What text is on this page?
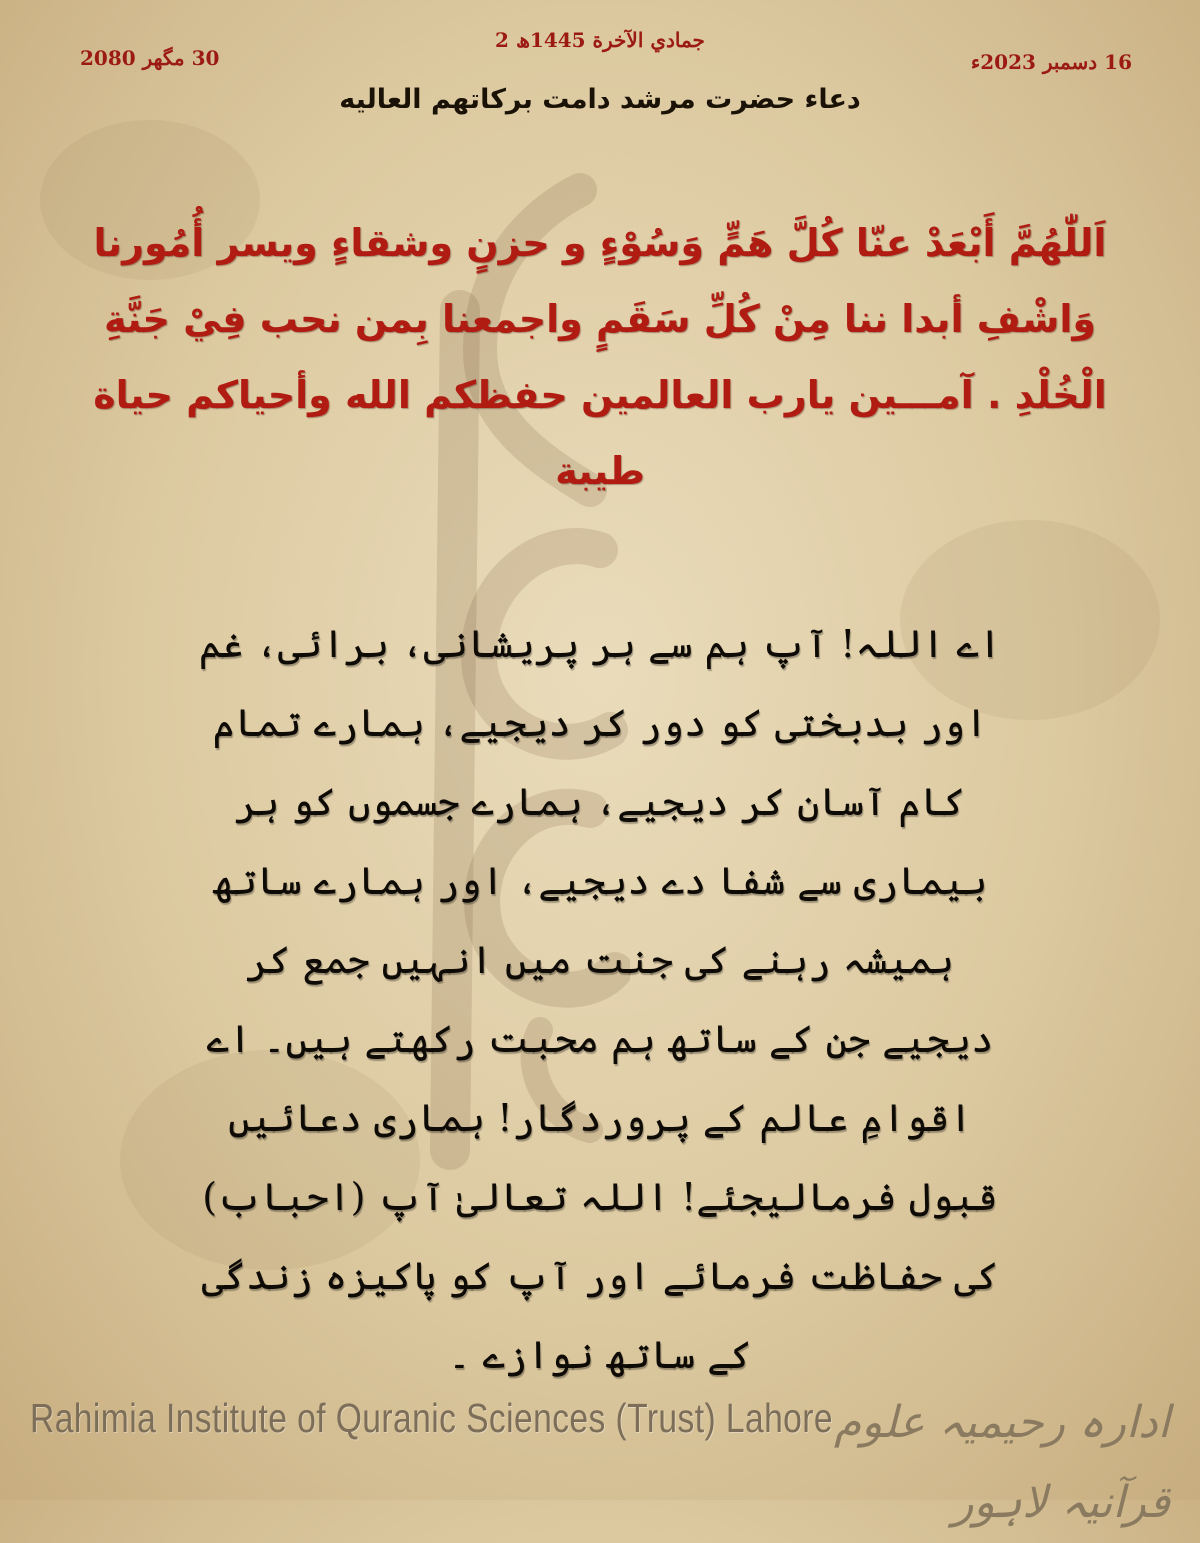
2 جمادي الآخرة 1445ھ
16 دسمبر 2023ء
30 مگھر 2080
دعاء حضرت مرشد دامت برکاتهم العاليه
اَللّٰهُمَّ أَبْعَدْ عنّا کُلَّ هَمٍّ وَسُوْءٍ و حزنٍ وشقاءٍ ویسر أُمُورنا وَاشْفِ أبدا ننا مِنْ کُلِّ سَقَمٍ واجمعنا بِمن نحب فِيْ جَنَّةِ الْخُلْدِ . آمـــين يارب العالمين حفظكم الله وأحياكم حياة طيبة
اے اللہ! آپ ہم سے ہر پریشانی، برائی، غم اور بدبختی کو دور کر دیجیے، ہمارے تمام کام آسان کر دیجیے، ہمارے جسموں کو ہر بیماری سے شفا دے دیجیے، اور ہمارے ساتھ ہمیشہ رہنے کی جنت میں انہیں جمع کر دیجیے جن کے ساتھ ہم محبت رکھتے ہیں۔ اے اقوامِ عالم کے پروردگار! ہماری دعائیں قبول فرمالیجئے! اللہ تعالیٰ آپ (احباب) کی حفاظت فرمائے اور آپ کو پاکیزہ زندگی کے ساتھ نوازے ۔
Rahimia Institute of Quranic Sciences (Trust) Lahore ادارہ رحیمیہ علوم قرآنیہ لاہور
